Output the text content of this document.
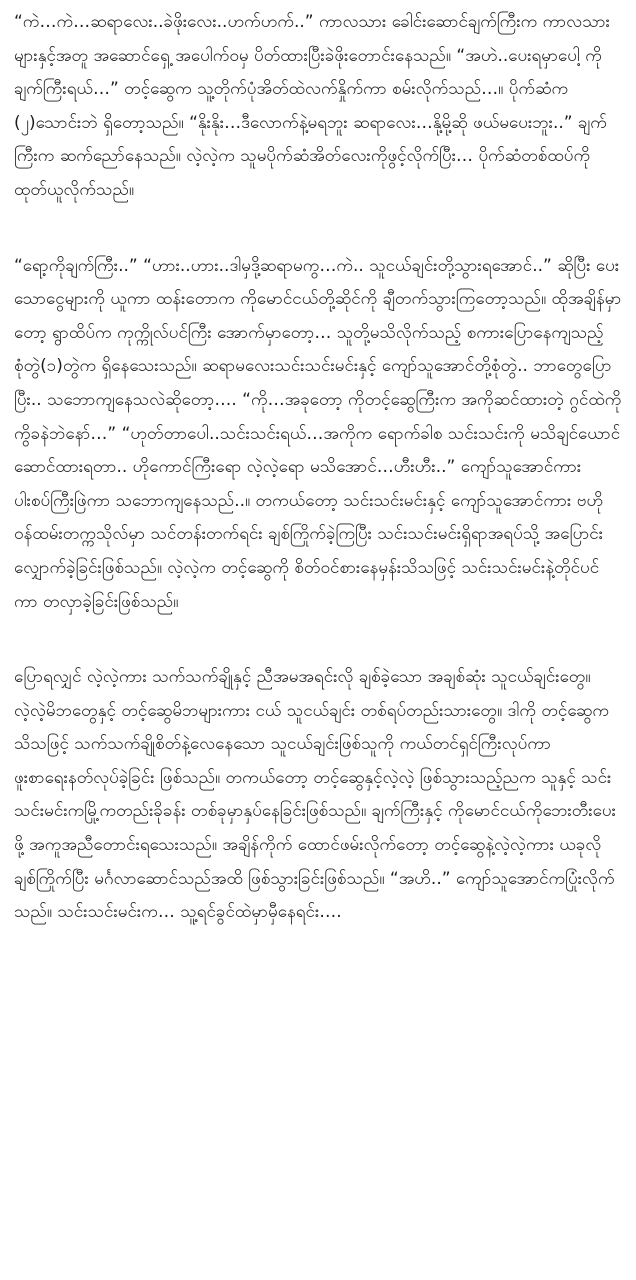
“ကဲ…ကဲ…ဆရာလေး..ခဲဖိုးလေး..ဟက်ဟက်..” ကာလသား ခေါင်းဆောင်ချက်ကြီးက ကာလသားများနှင့်အတူ အဆောင်ရှေ့ အပေါက်ဝမှ ပိတ်ထားပြီးခဲဖိုးတောင်းနေသည်။ “အဟဲ..ပေးရမှာပေါ့ ကိုချက်ကြီးရယ်…” တင့်ဆွေက သူ့တိုက်ပုံအိတ်ထဲလက်နှိုက်ကာ စမ်းလိုက်သည်…။ ပိုက်ဆံက (၂)သောင်းဘဲ ရှိတော့သည်။ “နိုးနိုး…ဒီလောက်နဲ့မရဘူး ဆရာလေး…နို့မို့ဆို ဖယ်မပေးဘူး..” ချက်ကြီးက ဆက်ညော်နေသည်။ လဲ့လဲ့က သူမပိုက်ဆံအိတ်လေးကိုဖွင့်လိုက်ပြီး… ပိုက်ဆံတစ်ထပ်ကို ထုတ်ယူလိုက်သည်။

“ရော့ကိုချက်ကြီး..” “ဟား..ဟား..ဒါမှဒို့ဆရာမကွ…ကဲ.. သူငယ်ချင်းတို့သွားရအောင်..” ဆိုပြီး ပေးသောငွေများကို ယူကာ ထန်းတောက ကိုမောင်ငယ်တို့ဆိုင်ကို ချီတက်သွားကြတော့သည်။ ထိုအချိန်မှာတော့ ရွာထိပ်က ကုက္ကိုလ်ပင်ကြီး အောက်မှာတော့… သူတို့မသိလိုက်သည့် စကားပြောနေကျသည့်စုံတွဲ(၁)တွဲက ရှိနေသေးသည်။ ဆရာမလေးသင်းသင်းမင်းနှင့် ကျော်သူအောင်တို့စုံတွဲ.. ဘာတွေပြောပြီး.. သဘောကျနေသလဲဆိုတော့…. “ကို…အခုတော့ ကိုတင့်ဆွေကြီးက အကိုဆင်ထားတဲ့ ဂွင်ထဲကို ကွိခနဲဘဲနော်…” “ဟုတ်တာပေါ..သင်းသင်းရယ်…အကိုက ရောက်ခါစ သင်းသင်းကို မသိချင်ယောင်ဆောင်ထားရတာ.. ဟိုကောင်ကြီးရော လဲ့လဲ့ရော မသိအောင်…ဟီးဟီး..” ကျော်သူအောင်ကား ပါးစပ်ကြီးဖြဲကာ သဘောကျနေသည်..။ တကယ်တော့ သင်းသင်းမင်းနှင့် ကျော်သူအောင်ကား ဗဟိုဝန်ထမ်းတက္ကသိုလ်မှာ သင်တန်းတက်ရင်း ချစ်ကြိုက်ခဲ့ကြပြီး သင်းသင်းမင်းရှိရာအရပ်သို့ အပြောင်းလျှောက်ခဲ့ခြင်းဖြစ်သည်။ လဲ့လဲ့က တင့်ဆွေကို စိတ်ဝင်စားနေမှန်းသိသဖြင့် သင်းသင်းမင်းနဲ့တိုင်ပင်ကာ တလှာခဲ့ခြင်းဖြစ်သည်။

ပြောရလျှင် လဲ့လဲ့ကား သက်သက်ချိုနှင့် ညီအမအရင်းလို ချစ်ခဲ့သော အချစ်ဆုံး သူငယ်ချင်းတွေ။ လဲ့လဲ့မိဘတွေနှင့် တင့်ဆွေမိဘများကား ငယ် သူငယ်ချင်း တစ်ရပ်တည်းသားတွေ။ ဒါကို တင့်ဆွေက သိသဖြင့် သက်သက်ချိုစိတ်နဲ့လေနေသော သူငယ်ချင်းဖြစ်သူကို ကယ်တင်ရှင်ကြီးလုပ်ကာ ဖူးစာရေးနတ်လုပ်ခဲ့ခြင်း ဖြစ်သည်။ တကယ်တော့ တင့်ဆွေနှင့်လဲ့လဲ့ ဖြစ်သွားသည့်ညက သူနှင့် သင်းသင်းမင်းကမြို့ကတည်းခိုခန်း တစ်ခုမှာနှပ်နေခြင်းဖြစ်သည်။ ချက်ကြီးနှင့် ကိုမောင်ငယ်ကိုဘေးတီးပေးဖို့ အကူအညီတောင်းရသေးသည်။ အချိန်ကိုက် ထောင်ဖမ်းလိုက်တော့ တင့်ဆွေနဲ့လဲ့လဲ့ကား ယခုလို ချစ်ကြိုက်ပြီး မင်္ဂလာဆောင်သည်အထိ ဖြစ်သွားခြင်းဖြစ်သည်။ “အဟိ..” ကျော်သူအောင်ကပြုံးလိုက်သည်။ သင်းသင်းမင်းက… သူ့ရင်ခွင်ထဲမှာမှီနေရင်း….
